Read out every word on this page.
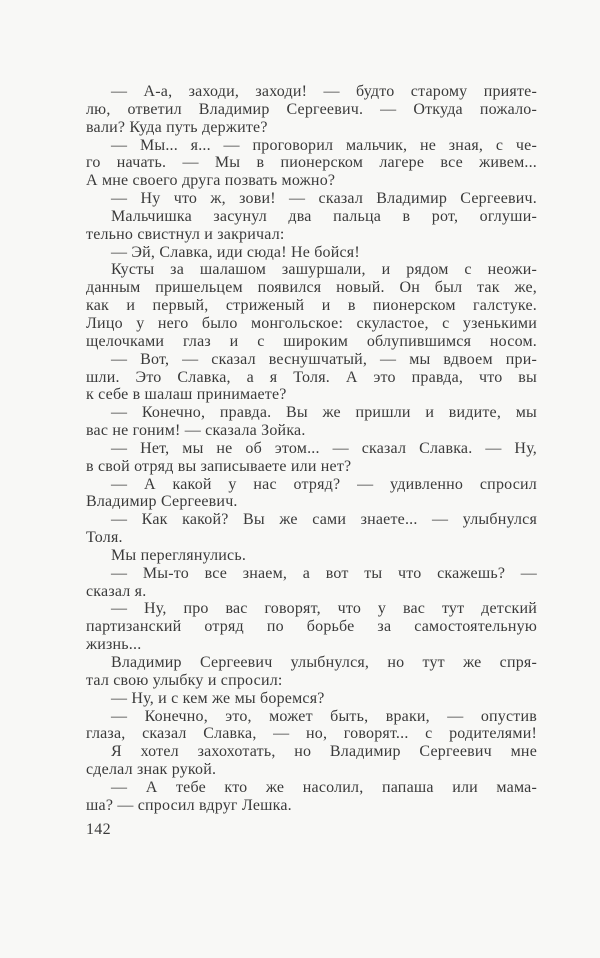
— А-а, заходи, заходи! — будто старому прияте-
лю, ответил Владимир Сергеевич. — Откуда пожало-
вали? Куда путь держите?
— Мы... я... — проговорил мальчик, не зная, с че-
го начать. — Мы в пионерском лагере все живем...
А мне своего друга позвать можно?
— Ну что ж, зови! — сказал Владимир Сергеевич.
Мальчишка засунул два пальца в рот, оглуши-
тельно свистнул и закричал:
— Эй, Славка, иди сюда! Не бойся!
Кусты за шалашом зашуршали, и рядом с неожи-
данным пришельцем появился новый. Он был так же,
как и первый, стриженый и в пионерском галстуке.
Лицо у него было монгольское: скуластое, с узенькими
щелочками глаз и с широким облупившимся носом.
— Вот, — сказал веснушчатый, — мы вдвоем при-
шли. Это Славка, а я Толя. А это правда, что вы
к себе в шалаш принимаете?
— Конечно, правда. Вы же пришли и видите, мы
вас не гоним! — сказала Зойка.
— Нет, мы не об этом... — сказал Славка. — Ну,
в свой отряд вы записываете или нет?
— А какой у нас отряд? — удивленно спросил
Владимир Сергеевич.
— Как какой? Вы же сами знаете... — улыбнулся
Толя.
Мы переглянулись.
— Мы-то все знаем, а вот ты что скажешь? —
сказал я.
— Ну, про вас говорят, что у вас тут детский
партизанский отряд по борьбе за самостоятельную
жизнь...
Владимир Сергеевич улыбнулся, но тут же спря-
тал свою улыбку и спросил:
— Ну, и с кем же мы боремся?
— Конечно, это, может быть, враки, — опустив
глаза, сказал Славка, — но, говорят... с родителями!
Я хотел захохотать, но Владимир Сергеевич мне
сделал знак рукой.
— А тебе кто же насолил, папаша или мама-
ша? — спросил вдруг Лешка.
142
